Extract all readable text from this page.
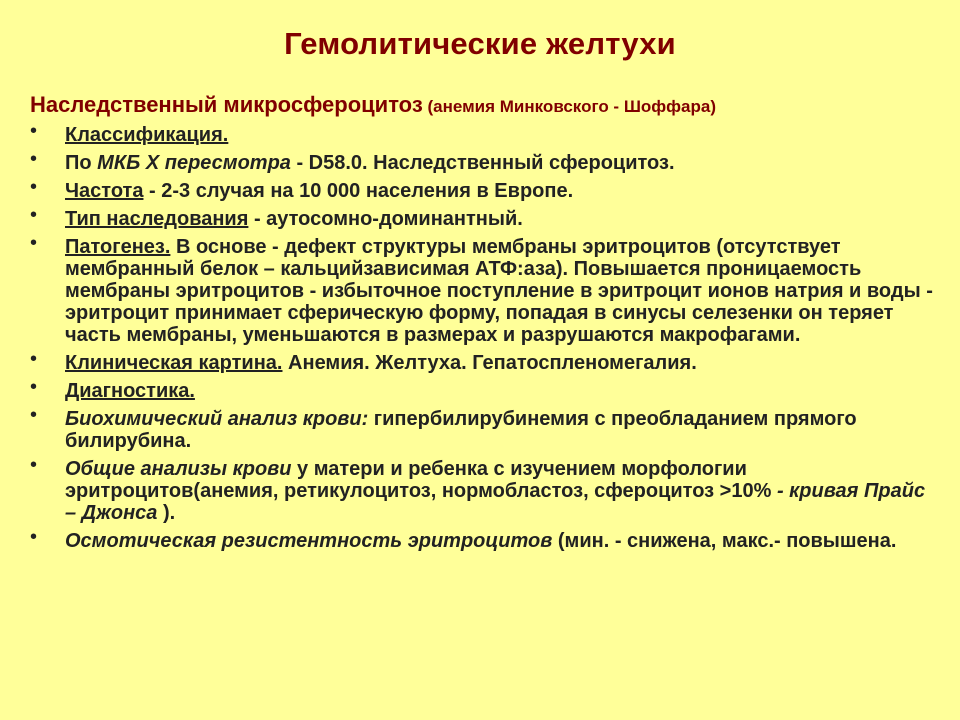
Гемолитические желтухи
Наследственный микросфероцитоз (анемия Минковского - Шоффара)
• Классификация.
• По МКБ X пересмотра - D58.0. Наследственный сфероцитоз.
• Частота - 2-3 случая на 10 000 населения в Европе.
• Тип наследования - аутосомно-доминантный.
• Патогенез. В основе - дефект структуры мембраны эритроцитов (отсутствует мембранный белок – кальцийзависимая АТФ:аза). Повышается проницаемость мембраны эритроцитов - избыточное поступление в эритроцит ионов натрия и воды - эритроцит принимает сферическую форму, попадая в синусы селезенки он теряет часть мембраны, уменьшаются в размерах и разрушаются макрофагами.
• Клиническая картина. Анемия. Желтуха. Гепатоспленомегалия.
• Диагностика.
• Биохимический анализ крови: гипербилирубинемия с преобладанием прямого билирубина.
• Общие анализы крови у матери и ребенка с изучением морфологии эритроцитов(анемия, ретикулоцитоз, нормобластоз, сфероцитоз >10% - кривая Прайс – Джонса ).
• Осмотическая резистентность эритроцитов (мин. - снижена, макс.- повышена.
